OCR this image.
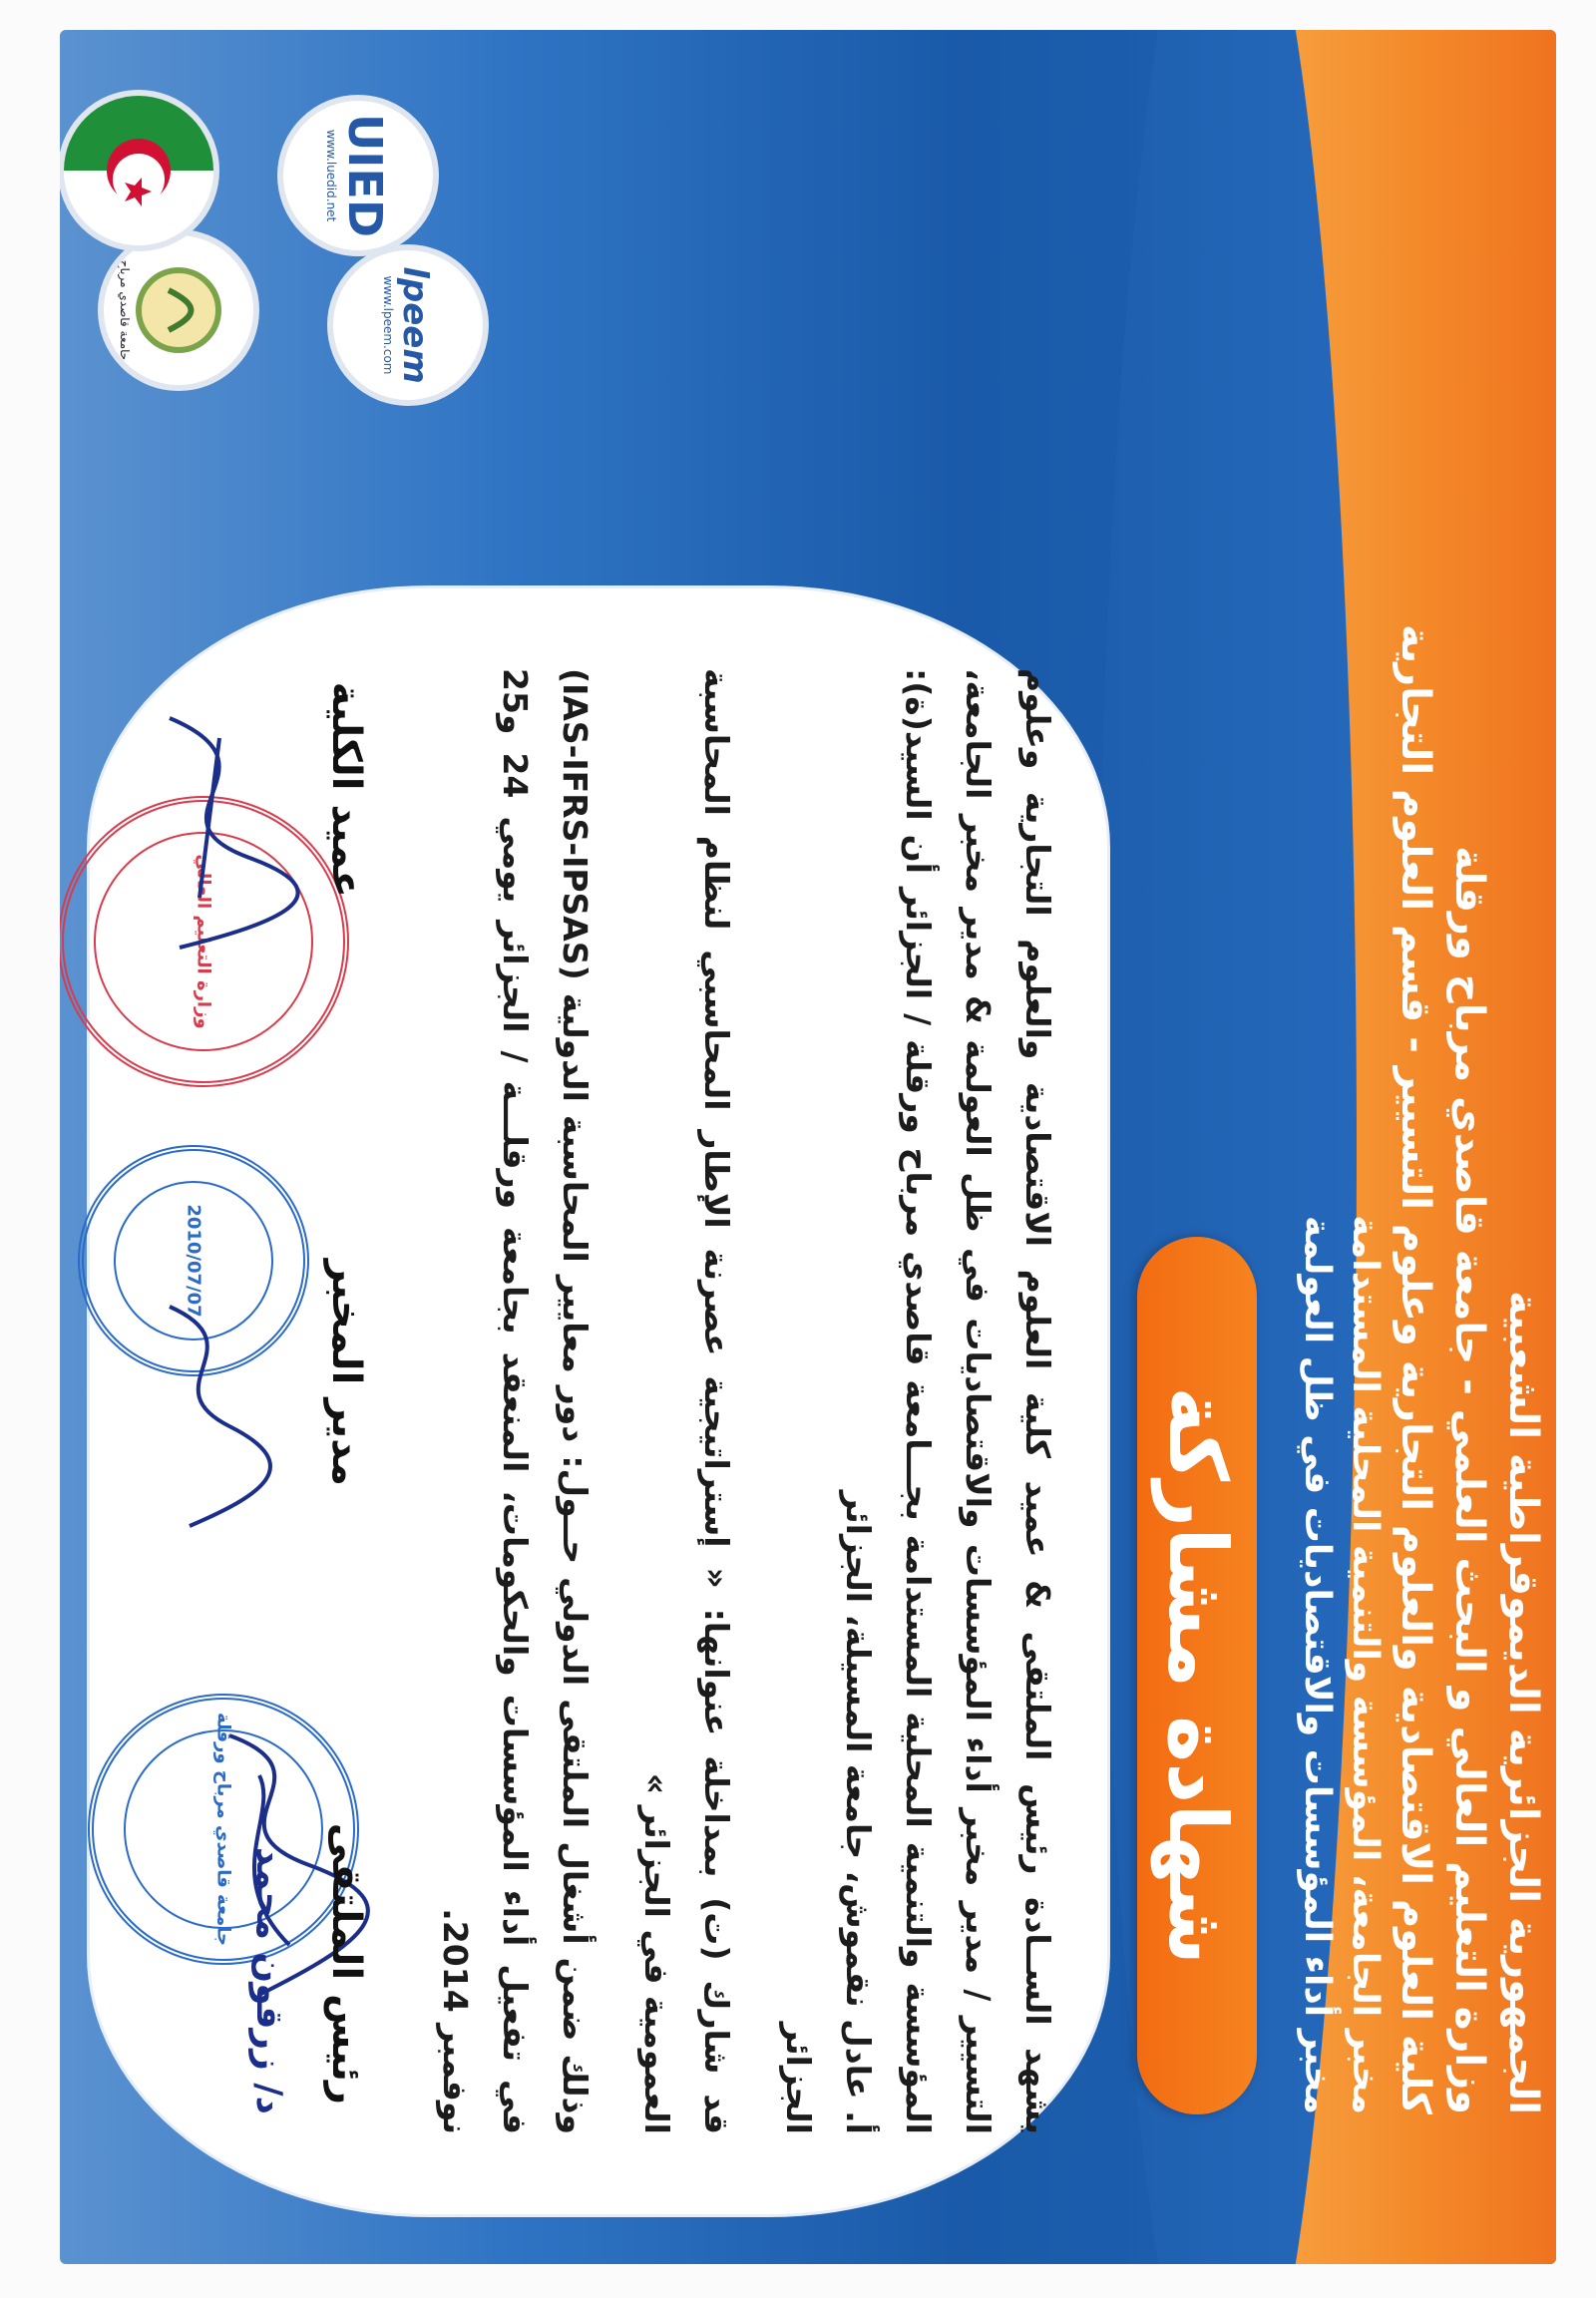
الجمهورية الجزائرية الديموقراطية الشعبية
وزارة التعليم العالي و البحث العلمي - جامعة قاصدي مرباح ورقلة
كلية العلوم الاقتصادية والعلوم التجارية وعلوم التسيير - قسم العلوم التجارية
مخبر الجامعة، المؤسسة والتنمية المحلية المستدامة
مخبر أداء المؤسسات والاقتصاديات في ظل العولمة
شهادة مشاركة

يشهد الســادة رئيس الملتقى & عميد كلية العلوم الاقتصادية والعلوم التجارية وعلوم التسيير / مدير مخبر أداء المؤسسات والاقتصاديات في ظل العولمة & مدير مخبر الجامعة، المؤسسة والتنمية المحلية المستدامة بجـــامعة قاصدي مرباح ورقلة / الجزائر أن السيد(ة): أ. عادل نقموش، جامعة المسيلة، الجزائر

الجزائر

قد شارك (ت) بمداخلة عنوانها: « إستراتيجية عصرنة الإطار المحاسبي لنظام المحاسبة العمومية في الجزائر »

وذلك ضمن أشغال الملتقى الدولي حــول: دور معايير المحاسبة الدولية (IAS-IFRS-IPSAS) في تفعيل أداء المؤسسات والحكومات، المنعقد بجامعة ورقلـــة / الجزائر يومي 24 و25 نوفمبر 2014.

جامعة قاصدي مرباح ورقلة
2010/07/07
وزارة التعليم العالي
رئيس الملتقى
د/ زرقون محمد
مدير المخبر
عميد الكلية
lpeem
www.lpeem.com
UIED
www.luedid.net
جامعة قاصدي مرباح
